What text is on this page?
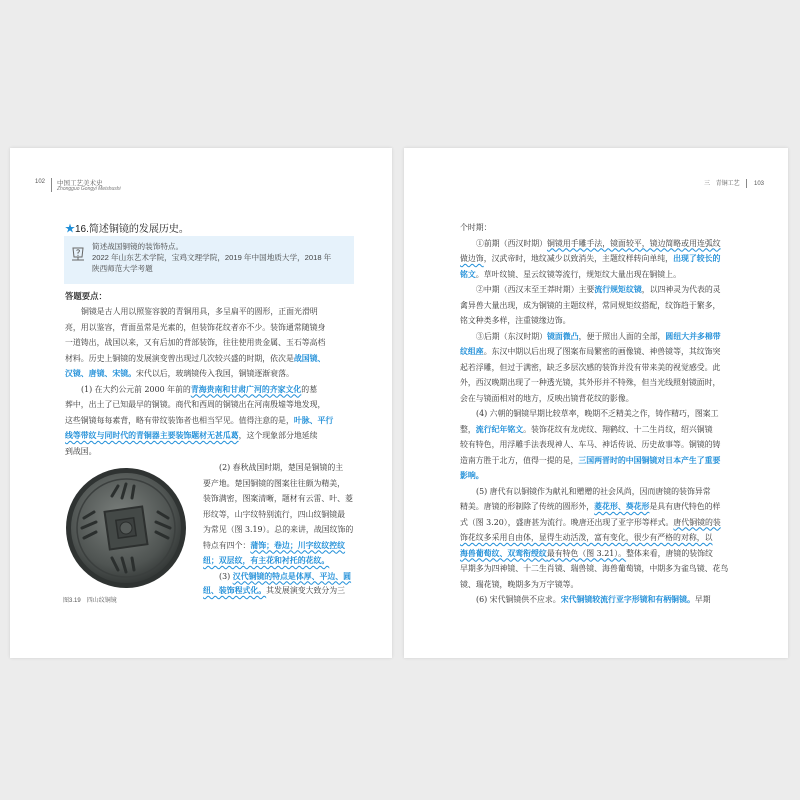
102	中国工艺美术史
Zhongguo Gongyi Meishushi
★16.简述铜镜的发展历史。
简述战国铜镜的装饰特点。
2022 年山东艺术学院，宝鸡文理学院，2019 年中国地质大学，2018 年
陕西师范大学考题
答题要点：
铜镜是古人用以照鉴容貌的青铜用具，多呈扁平的圆形，正面光滑明
亮，用以鉴容，背面虽常是光素的，但装饰花纹者亦不少。装饰通常随镜身
一道铸出，战国以来，又有后加的背部装饰，往往使用贵金属、玉石等高档
材料。历史上铜镜的发展演变曾出现过几次较兴盛的时期，依次是战国镜、
汉镜、唐镜、宋镜。宋代以后，玻璃镜传入我国，铜镜逐渐衰落。
(1) 在大约公元前 2000 年前的青海贵南和甘肃广河的齐家文化的墓
葬中，出土了已知最早的铜镜。商代和西周的铜镜出在河南殷墟等地发现，
这些铜镜每每素背，略有带纹装饰者也相当罕见。值得注意的是，叶脉、平行
线等带纹与同时代的青铜器主要装饰题材无甚瓜葛，这个现象部分地延续
到战国。
(2) 春秋战国时期，楚国是铜镜的主
要产地。楚国铜镜的图案往往颇为精美，
装饰满密，图案清晰，题材有云雷、叶、菱
形纹等，山字纹特别流行，四山纹铜镜最
为常见（图 3.19）。总的来讲，战国纹饰的
特点有四个：蒲饰；卷边；川字纹纹控纹
纽；双层纹，有主花和衬托的花纹。
(3) 汉代铜镜的特点是体厚、平边、圆
图3.19 四山纹铜镜
纽、装饰程式化。其发展演变大致分为三
三 青铜工艺 103
个时期：
①前期（西汉时期）铜镜用手雕手法，镜面较平，镜边简略或用连弧纹
做边饰，汉武帝时，地纹减少以致消失，主题纹样转向单纯，出现了较长的
铭文。草叶纹镜、星云纹镜等流行，规矩纹大量出现在铜镜上。
②中期（西汉末至王莽时期）主要流行规矩纹镜，以四神灵为代表的灵
禽异兽大量出现，成为铜镜的主题纹样，常同规矩纹搭配，纹饰趋于繁多，
铭文种类多样，注重镜缘边饰。
③后期（东汉时期）镜面微凸，便于照出人面的全部，圆纽大并多棉带
纹组座。东汉中期以后出现了图案布局繁密的画像镜、神兽镜等，其纹饰突
起若浮雕，但过于满密，缺乏多层次感的装饰并没有带来美的视觉感受。此
外，西汉晚期出现了一种透光镜，其外形并不特殊，但当光线照射镜面时，
会在与镜面相对的地方，反映出镜背花纹的影像。
(4) 六朝的铜镜早期比较草率，晚期不乏精美之作，铸作精巧，图案工
整，流行纪年铭文。装饰花纹有龙虎纹、翔鹤纹、十二生肖纹，绍兴铜镜
较有特色，用浮雕手法表现神人、车马、神话传说、历史故事等。铜镜的铸
造南方胜于北方，值得一提的是，三国两晋时的中国铜镜对日本产生了重要
影响。
(5) 唐代有以铜镜作为献礼和赠赠的社会风尚，因而唐镜的装饰异常
精美。唐镜的形制除了传统的圆形外，菱花形、葵花形是具有唐代特色的样
式（图 3.20），盛唐甚为流行。晚唐还出现了亚字形等样式。唐代铜镜的装
饰花纹多采用自由体，显得生动活泼，富有变化，很少有严格的对称，以
海兽葡萄纹、双鸾衔绶纹最有特色（图 3.21）。整体来看，唐镜的装饰纹
早期多为四神镜、十二生肖镜、瑞兽镜、海兽葡萄镜，中期多为雀鸟镜、花鸟
镜、瑞花镜，晚期多为万字镜等。
(6) 宋代铜镜供不应求。宋代铜镜较流行亚字形镜和有柄铜镜。早期
